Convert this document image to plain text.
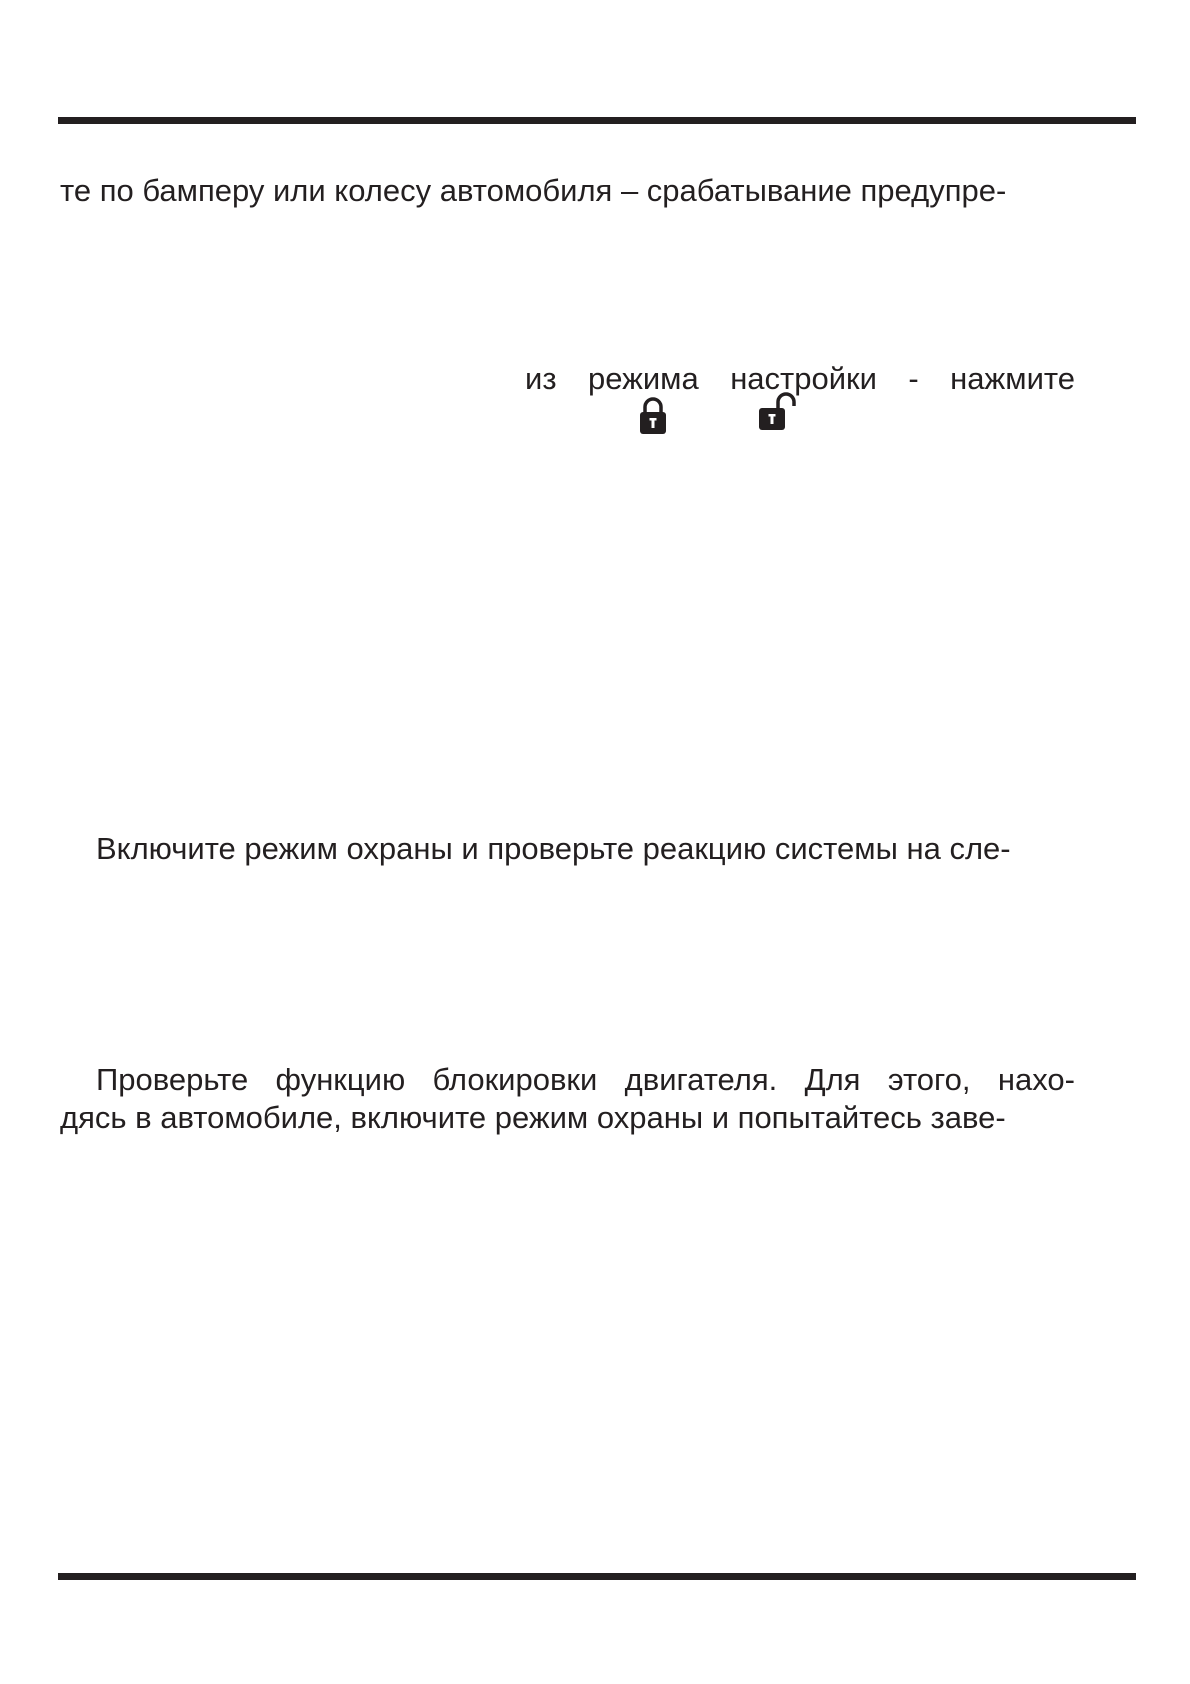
те по бамперу или колесу автомобиля – срабатывание предупре-
из режима настройки - нажмите
Включите режим охраны и проверьте реакцию системы на сле-
Проверьте функцию блокировки двигателя. Для этого, нахо-
дясь в автомобиле, включите режим охраны и попытайтесь заве-
